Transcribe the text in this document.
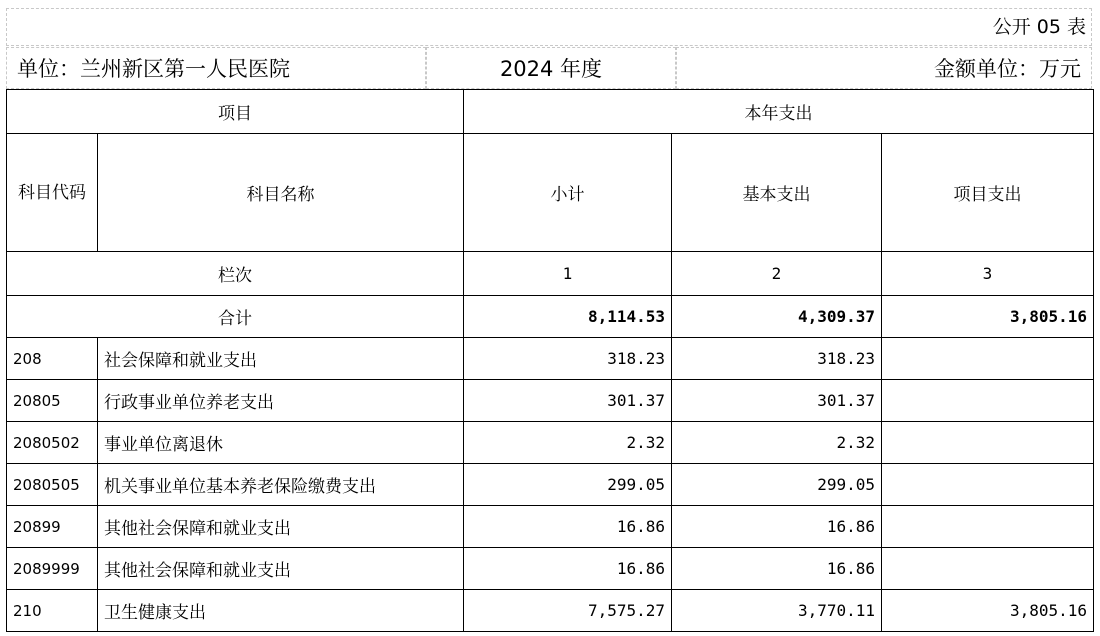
公开 05 表
单位：兰州新区第一人民医院	2024 年度	金额单位：万元
项目		本年支出		
科目代码	科目名称	小计	基本支出	项目支出
栏次		1	2	3
合计		8,114.53	4,309.37	3,805.16
208	社会保障和就业支出	318.23	318.23	
20805	行政事业单位养老支出	301.37	301.37	
2080502	事业单位离退休	2.32	2.32	
2080505	机关事业单位基本养老保险缴费支出	299.05	299.05	
20899	其他社会保障和就业支出	16.86	16.86	
2089999	其他社会保障和就业支出	16.86	16.86	
210	卫生健康支出	7,575.27	3,770.11	3,805.16
